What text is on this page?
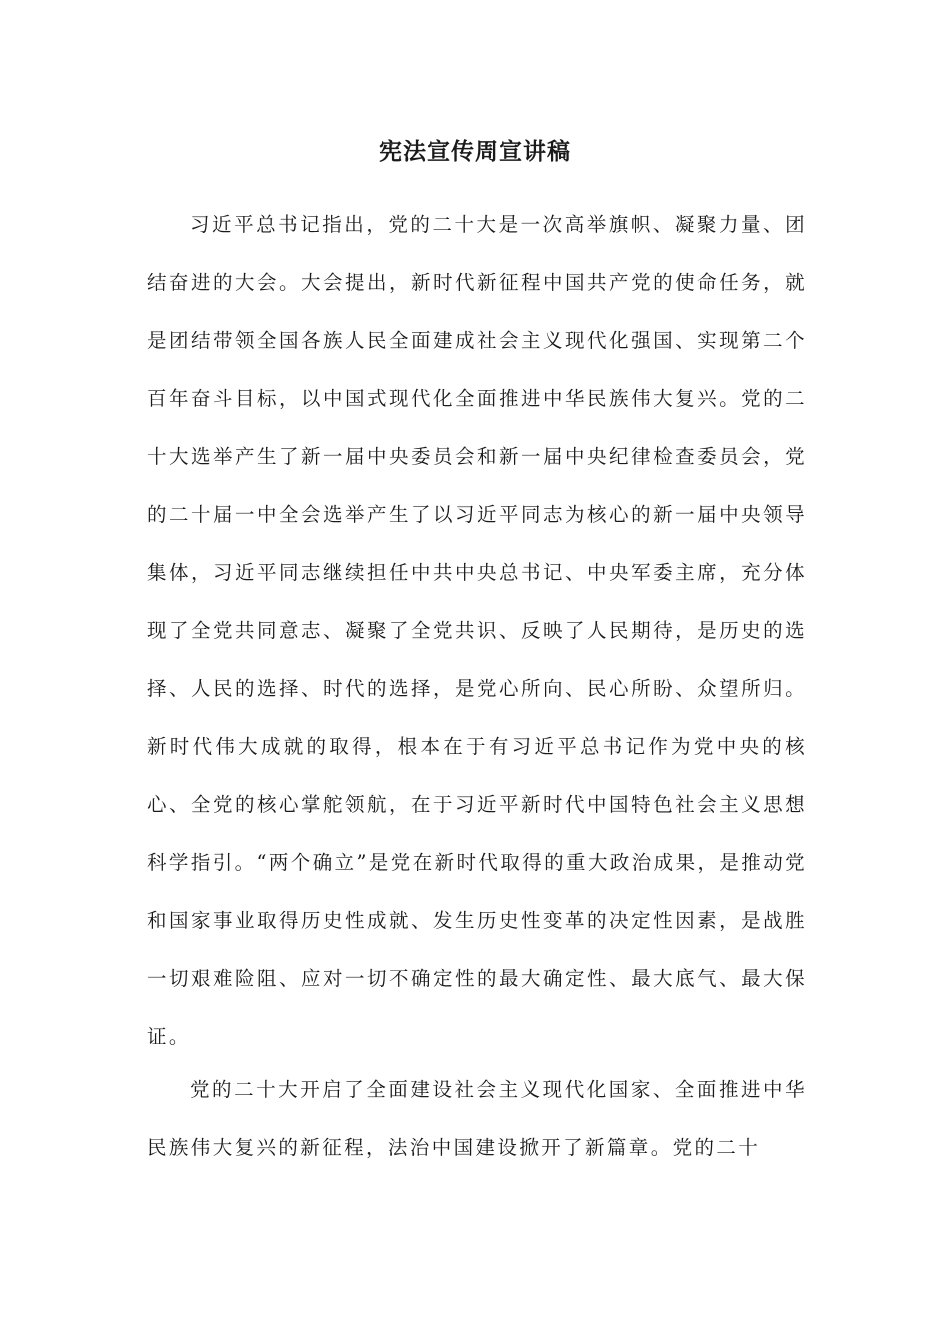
宪法宣传周宣讲稿

习近平总书记指出，党的二十大是一次高举旗帜、凝聚力量、团结奋进的大会。大会提出，新时代新征程中国共产党的使命任务，就是团结带领全国各族人民全面建成社会主义现代化强国、实现第二个百年奋斗目标，以中国式现代化全面推进中华民族伟大复兴。党的二十大选举产生了新一届中央委员会和新一届中央纪律检查委员会，党的二十届一中全会选举产生了以习近平同志为核心的新一届中央领导集体，习近平同志继续担任中共中央总书记、中央军委主席，充分体现了全党共同意志、凝聚了全党共识、反映了人民期待，是历史的选择、人民的选择、时代的选择，是党心所向、民心所盼、众望所归。新时代伟大成就的取得，根本在于有习近平总书记作为党中央的核心、全党的核心掌舵领航，在于习近平新时代中国特色社会主义思想科学指引。“两个确立”是党在新时代取得的重大政治成果，是推动党和国家事业取得历史性成就、发生历史性变革的决定性因素，是战胜一切艰难险阻、应对一切不确定性的最大确定性、最大底气、最大保证。

党的二十大开启了全面建设社会主义现代化国家、全面推进中华民族伟大复兴的新征程，法治中国建设掀开了新篇章。党的二十
